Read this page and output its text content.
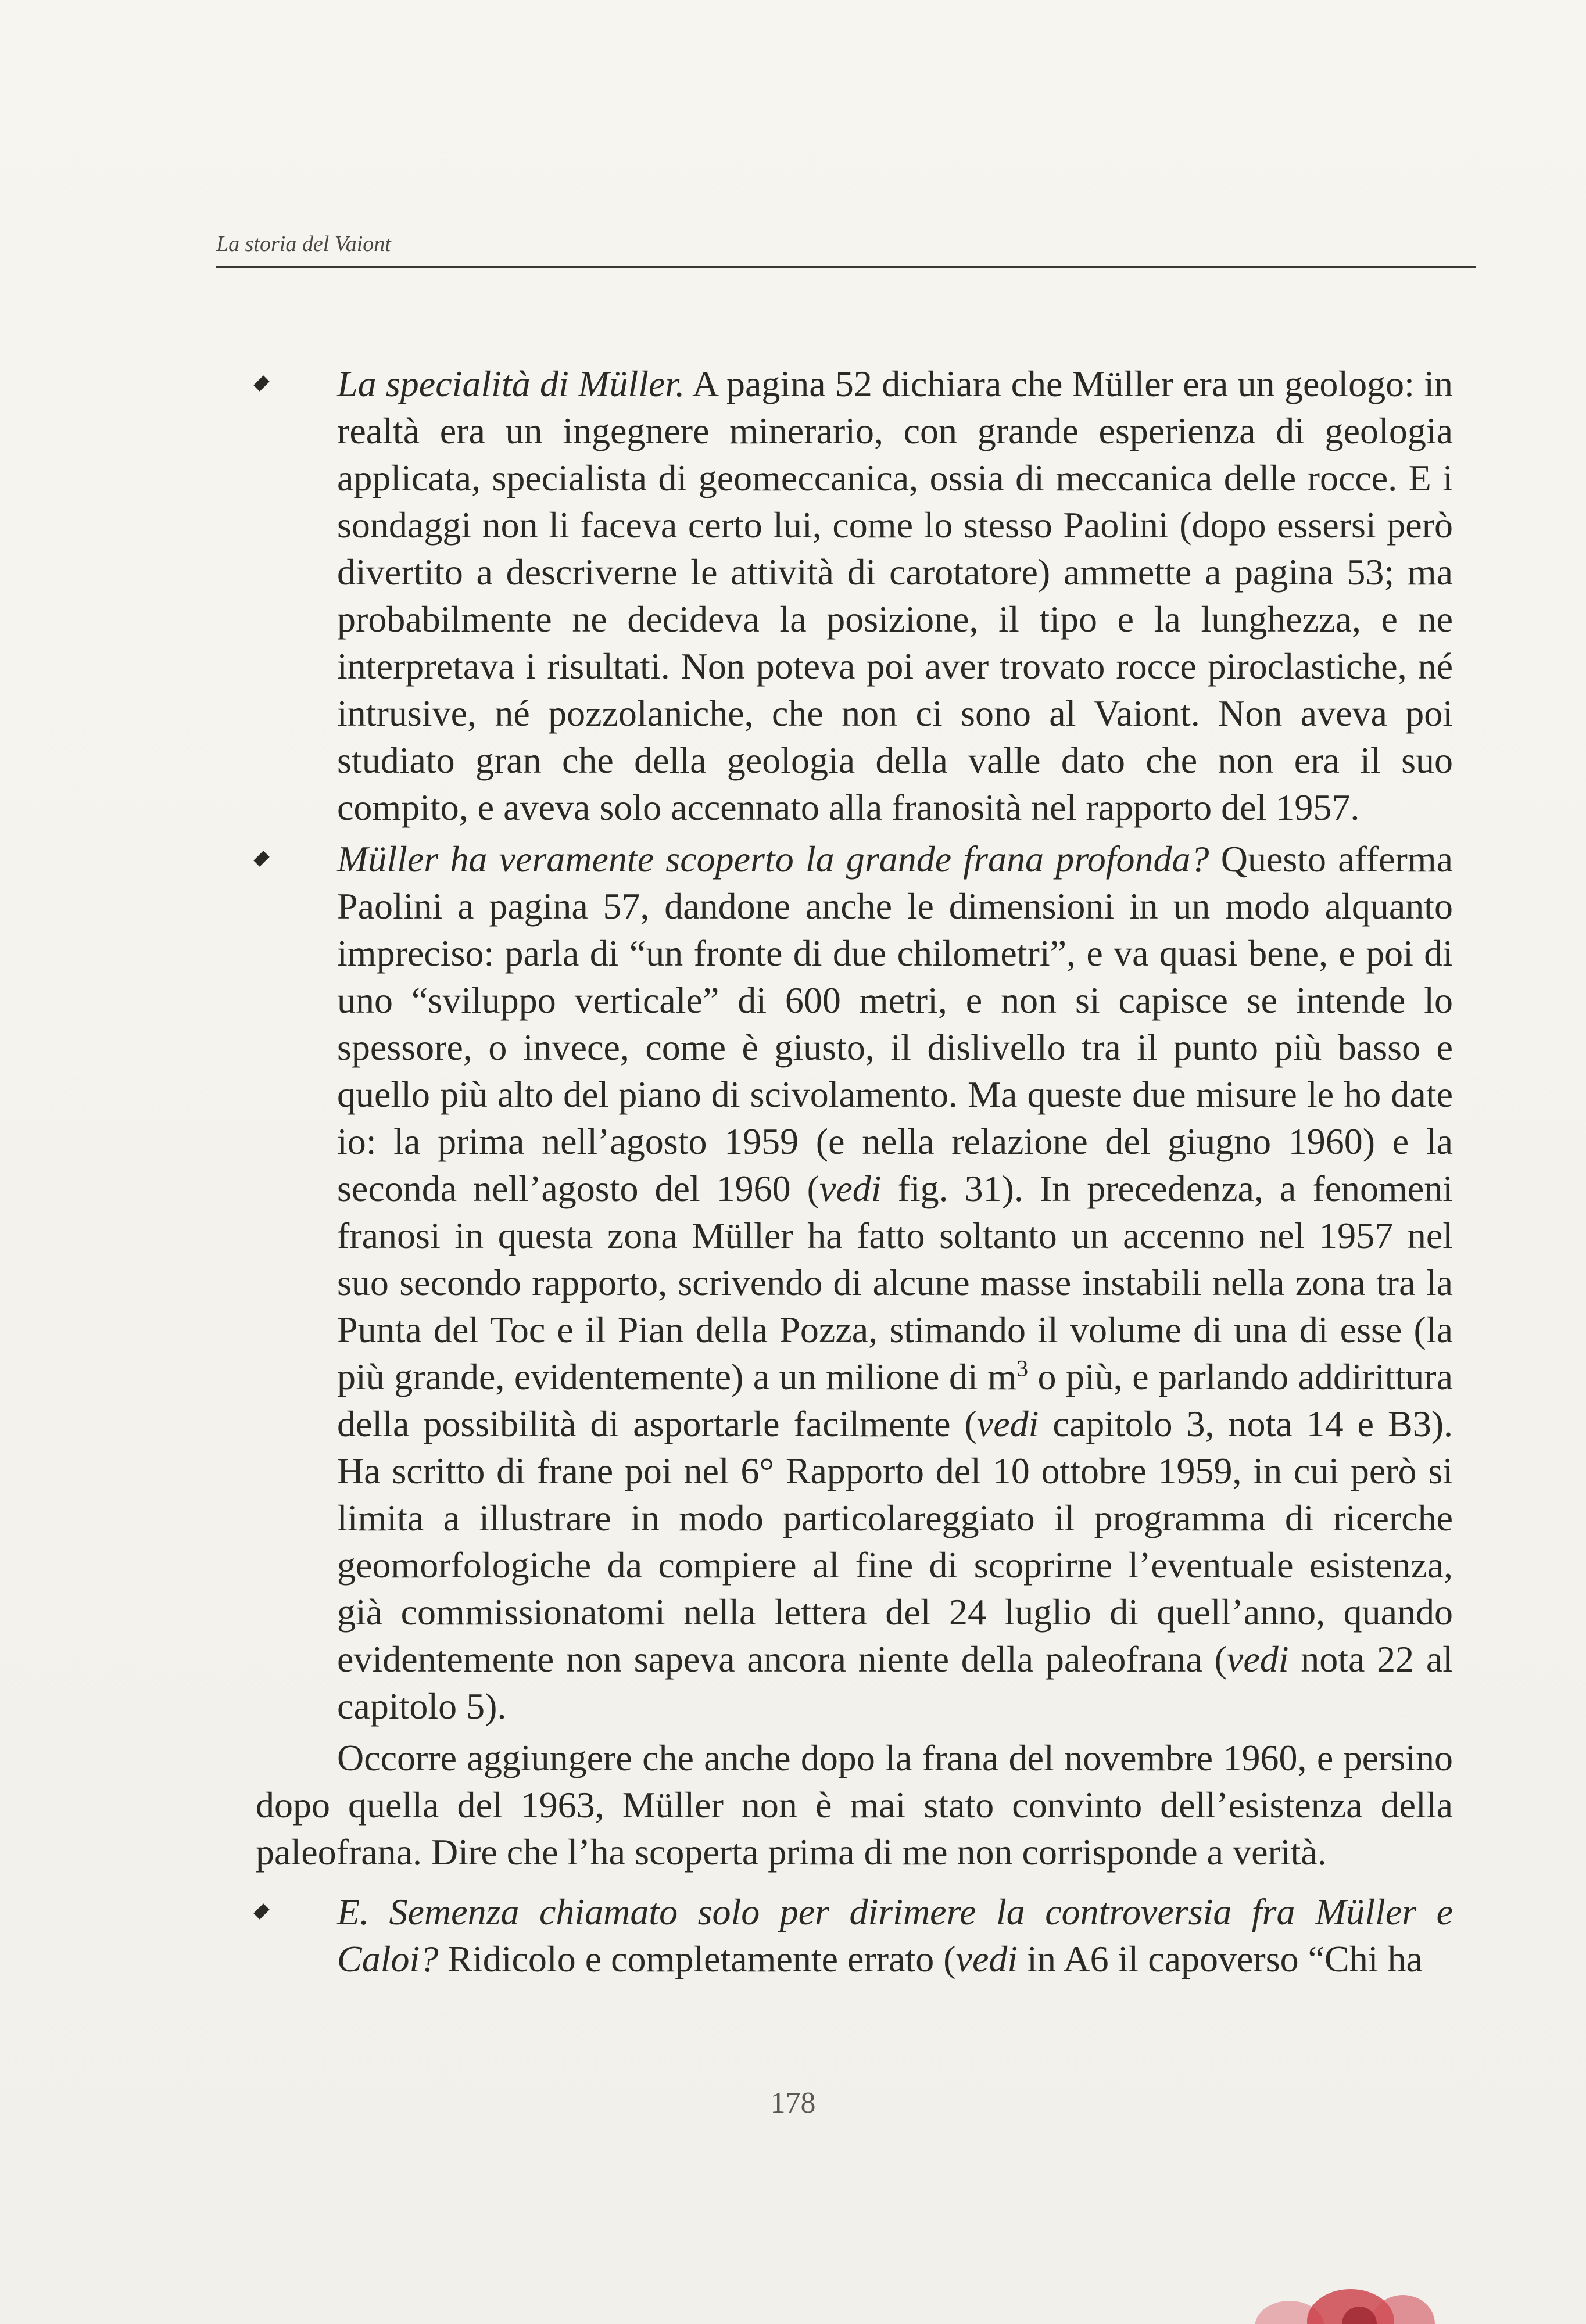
La storia del Vaiont

La specialità di Müller. A pagina 52 dichiara che Müller era un geologo: in realtà era un ingegnere minerario, con grande esperienza di geologia applicata, specialista di geomeccanica, ossia di meccanica delle rocce. E i sondaggi non li faceva certo lui, come lo stesso Paolini (dopo essersi però divertito a descriverne le attività di carotatore) ammette a pagina 53; ma probabilmente ne decideva la posizione, il tipo e la lunghezza, e ne interpretava i risultati. Non poteva poi aver trovato rocce piroclastiche, né intrusive, né pozzolaniche, che non ci sono al Vaiont. Non aveva poi studiato gran che della geologia della valle dato che non era il suo compito, e aveva solo accennato alla franosità nel rapporto del 1957.

Müller ha veramente scoperto la grande frana profonda? Questo afferma Paolini a pagina 57, dandone anche le dimensioni in un modo alquanto impreciso: parla di “un fronte di due chilometri”, e va quasi bene, e poi di uno “sviluppo verticale” di 600 metri, e non si capisce se intende lo spessore, o invece, come è giusto, il dislivello tra il punto più basso e quello più alto del piano di scivolamento. Ma queste due misure le ho date io: la prima nell’agosto 1959 (e nella relazione del giugno 1960) e la seconda nell’agosto del 1960 (vedi fig. 31). In precedenza, a fenomeni franosi in questa zona Müller ha fatto soltanto un accenno nel 1957 nel suo secondo rapporto, scrivendo di alcune masse instabili nella zona tra la Punta del Toc e il Pian della Pozza, stimando il volume di una di esse (la più grande, evidentemente) a un milione di $m^3$ o più, e parlando addirittura della possibilità di asportarle facilmente (vedi capitolo 3, nota 14 e B3). Ha scritto di frane poi nel 6° Rapporto del 10 ottobre 1959, in cui però si limita a illustrare in modo particolareggiato il programma di ricerche geomorfologiche da compiere al fine di scoprirne l’eventuale esistenza, già commissionatomi nella lettera del 24 luglio di quell’anno, quando evidentemente non sapeva ancora niente della paleofrana (vedi nota 22 al capitolo 5).

Occorre aggiungere che anche dopo la frana del novembre 1960, e persino dopo quella del 1963, Müller non è mai stato convinto dell’esistenza della paleofrana. Dire che l’ha scoperta prima di me non corrisponde a verità.

E. Semenza chiamato solo per dirimere la controversia fra Müller e Caloi? Ridicolo e completamente errato (vedi in A6 il capoverso “Chi ha

178
